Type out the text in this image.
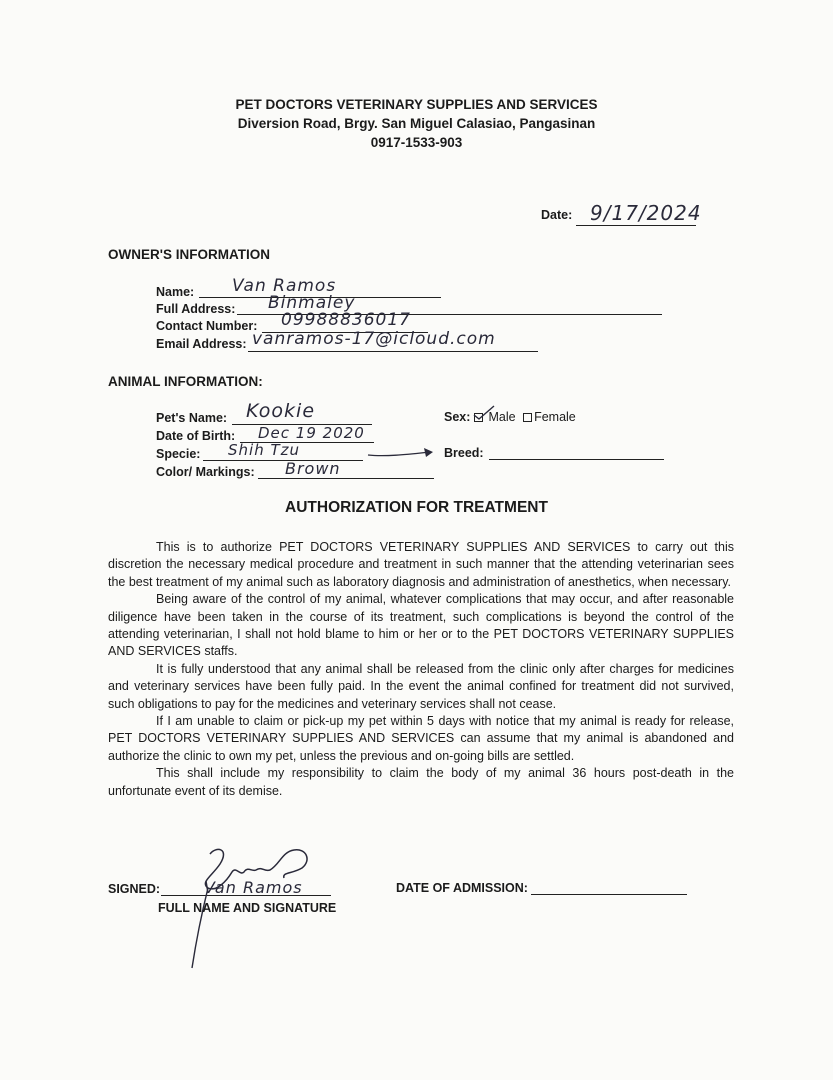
PET DOCTORS VETERINARY SUPPLIES AND SERVICES
Diversion Road, Brgy. San Miguel Calasiao, Pangasinan
0917-1533-903
Date: 9/17/2024
OWNER'S INFORMATION
Name: Van Ramos
Full Address: Binmaley
Contact Number: 09988836017
Email Address: vanramos-17@icloud.com
ANIMAL INFORMATION:
Pet's Name: Kookie
Date of Birth: Dec 19 2020
Specie: Shih Tzu
Color/ Markings: Brown
Sex:
	Male Female
Breed:
AUTHORIZATION FOR TREATMENT

This is to authorize PET DOCTORS VETERINARY SUPPLIES AND SERVICES to carry out this discretion the necessary medical procedure and treatment in such manner that the attending veterinarian sees the best treatment of my animal such as laboratory diagnosis and administration of anesthetics, when necessary.

Being aware of the control of my animal, whatever complications that may occur, and after reasonable diligence have been taken in the course of its treatment, such complications is beyond the control of the attending veterinarian, I shall not hold blame to him or her or to the PET DOCTORS VETERINARY SUPPLIES AND SERVICES staffs.

It is fully understood that any animal shall be released from the clinic only after charges for medicines and veterinary services have been fully paid. In the event the animal confined for treatment did not survived, such obligations to pay for the medicines and veterinary services shall not cease.

If I am unable to claim or pick-up my pet within 5 days with notice that my animal is ready for release, PET DOCTORS VETERINARY SUPPLIES AND SERVICES can assume that my animal is abandoned and authorize the clinic to own my pet, unless the previous and on-going bills are settled.

This shall include my responsibility to claim the body of my animal 36 hours post-death in the unfortunate event of its demise.

SIGNED:	Van Ramos
FULL NAME AND SIGNATURE
DATE OF ADMISSION:
